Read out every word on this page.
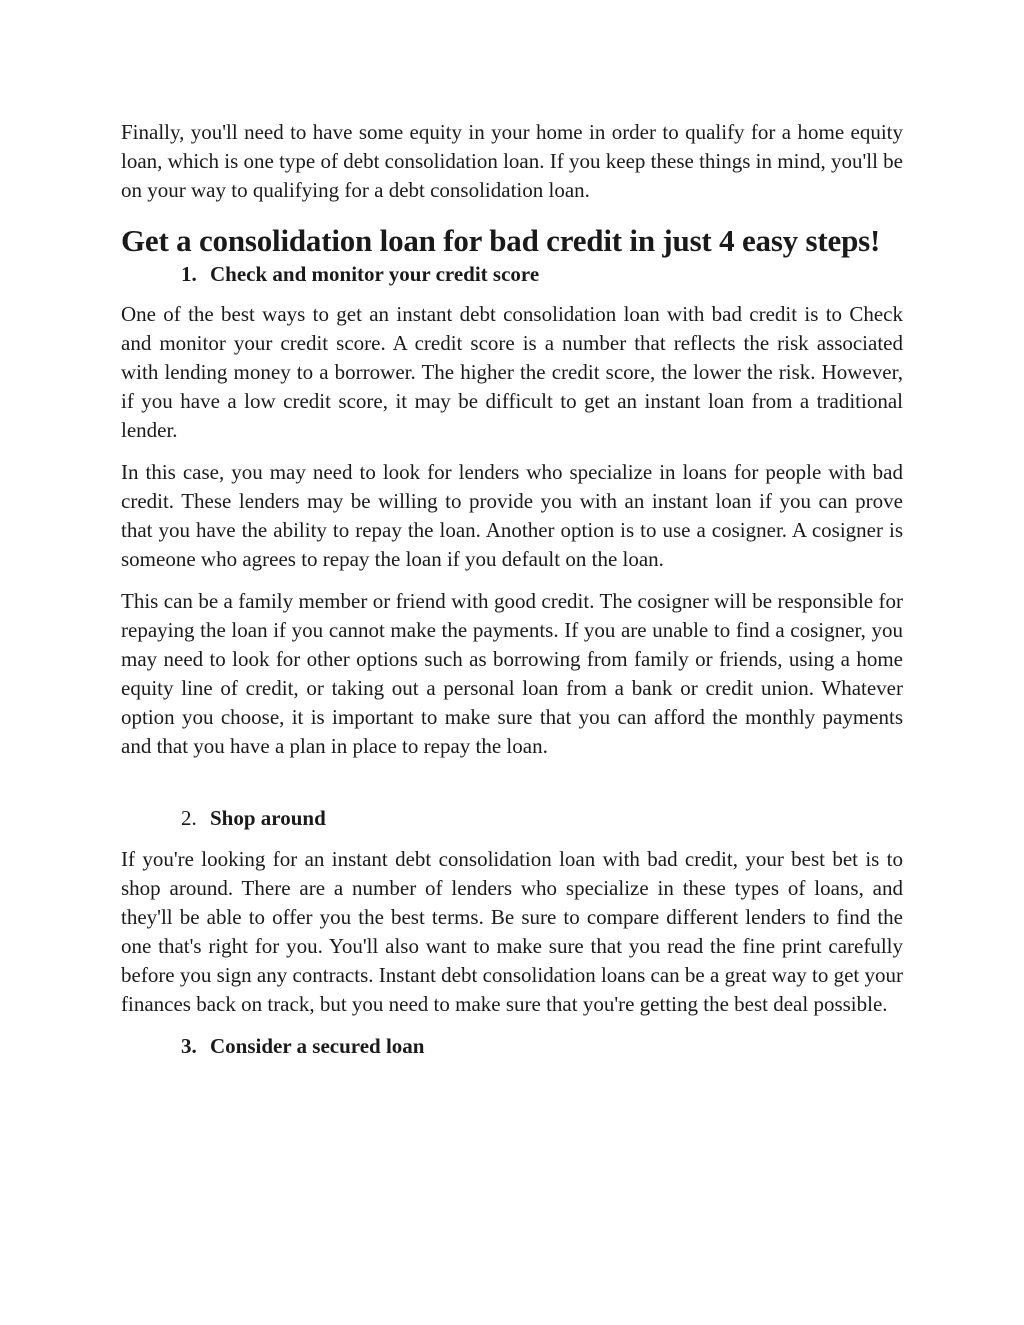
Finally, you'll need to have some equity in your home in order to qualify for a home equity loan, which is one type of debt consolidation loan. If you keep these things in mind, you'll be on your way to qualifying for a debt consolidation loan.

Get a consolidation loan for bad credit in just 4 easy steps!
1. Check and monitor your credit score

One of the best ways to get an instant debt consolidation loan with bad credit is to Check and monitor your credit score. A credit score is a number that reflects the risk associated with lending money to a borrower. The higher the credit score, the lower the risk. However, if you have a low credit score, it may be difficult to get an instant loan from a traditional lender.

In this case, you may need to look for lenders who specialize in loans for people with bad credit. These lenders may be willing to provide you with an instant loan if you can prove that you have the ability to repay the loan. Another option is to use a cosigner. A cosigner is someone who agrees to repay the loan if you default on the loan.

This can be a family member or friend with good credit. The cosigner will be responsible for repaying the loan if you cannot make the payments. If you are unable to find a cosigner, you may need to look for other options such as borrowing from family or friends, using a home equity line of credit, or taking out a personal loan from a bank or credit union. Whatever option you choose, it is important to make sure that you can afford the monthly payments and that you have a plan in place to repay the loan.

2. Shop around

If you're looking for an instant debt consolidation loan with bad credit, your best bet is to shop around. There are a number of lenders who specialize in these types of loans, and they'll be able to offer you the best terms. Be sure to compare different lenders to find the one that's right for you. You'll also want to make sure that you read the fine print carefully before you sign any contracts. Instant debt consolidation loans can be a great way to get your finances back on track, but you need to make sure that you're getting the best deal possible.

3. Consider a secured loan
